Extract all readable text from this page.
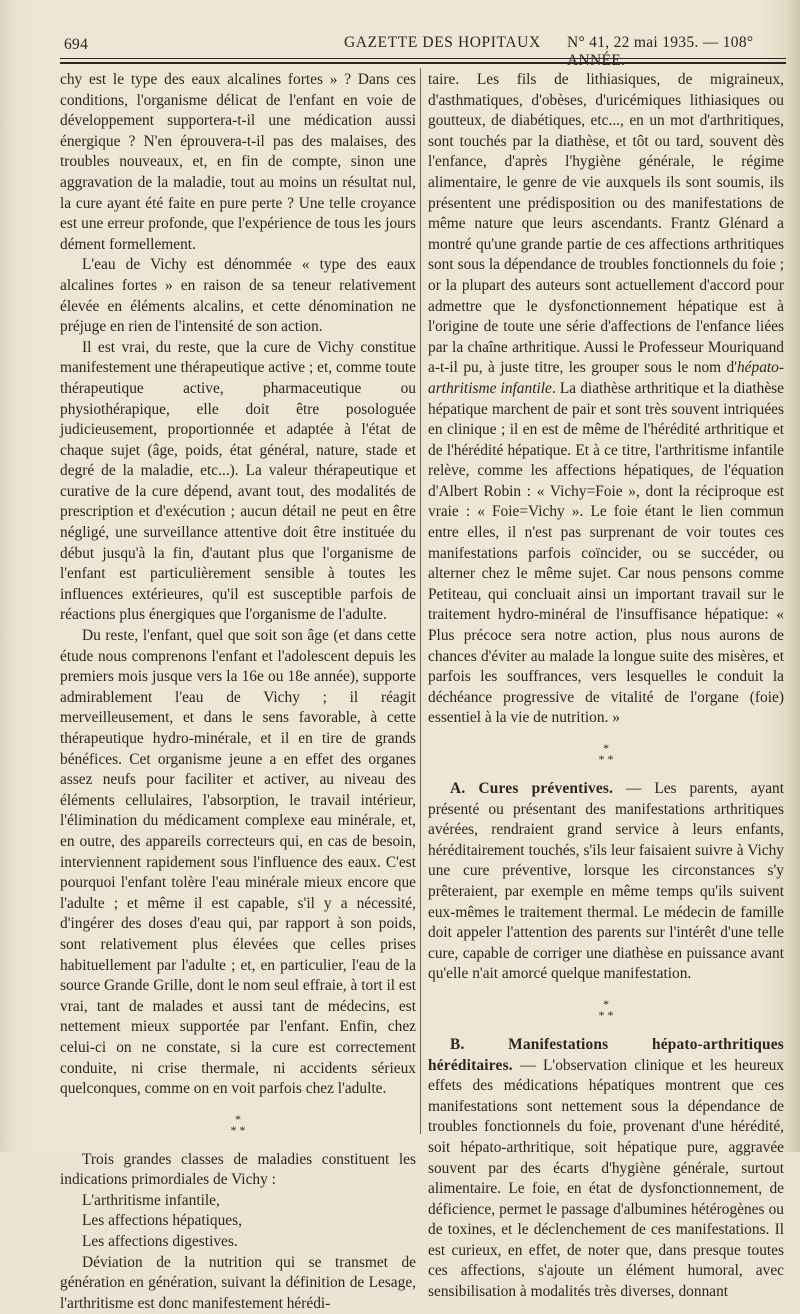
694	GAZETTE DES HOPITAUX N° 41, 22 mai 1935. — 108° ANNÉE.

chy est le type des eaux alcalines fortes » ? Dans ces conditions, l'organisme délicat de l'enfant en voie de développement supportera-t-il une médication aussi énergique ? N'en éprouvera-t-il pas des malaises, des troubles nouveaux, et, en fin de compte, sinon une aggravation de la maladie, tout au moins un résultat nul, la cure ayant été faite en pure perte ? Une telle croyance est une erreur profonde, que l'expérience de tous les jours dément formellement.

L'eau de Vichy est dénommée « type des eaux alcalines fortes » en raison de sa teneur relativement élevée en éléments alcalins, et cette dénomination ne préjuge en rien de l'intensité de son action.

Il est vrai, du reste, que la cure de Vichy constitue manifestement une thérapeutique active ; et, comme toute thérapeutique active, pharmaceutique ou physiothérapique, elle doit être posologuée judicieusement, proportionnée et adaptée à l'état de chaque sujet (âge, poids, état général, nature, stade et degré de la maladie, etc...). La valeur thérapeutique et curative de la cure dépend, avant tout, des modalités de prescription et d'exécution ; aucun détail ne peut en être négligé, une surveillance attentive doit être instituée du début jusqu'à la fin, d'autant plus que l'organisme de l'enfant est particulièrement sensible à toutes les influences extérieures, qu'il est susceptible parfois de réactions plus énergiques que l'organisme de l'adulte.

Du reste, l'enfant, quel que soit son âge (et dans cette étude nous comprenons l'enfant et l'adolescent depuis les premiers mois jusque vers la 16e ou 18e année), supporte admirablement l'eau de Vichy ; il réagit merveilleusement, et dans le sens favorable, à cette thérapeutique hydro-minérale, et il en tire de grands bénéfices. Cet organisme jeune a en effet des organes assez neufs pour faciliter et activer, au niveau des éléments cellulaires, l'absorption, le travail intérieur, l'élimination du médicament complexe eau minérale, et, en outre, des appareils correcteurs qui, en cas de besoin, interviennent rapidement sous l'influence des eaux. C'est pourquoi l'enfant tolère l'eau minérale mieux encore que l'adulte ; et même il est capable, s'il y a nécessité, d'ingérer des doses d'eau qui, par rapport à son poids, sont relativement plus élevées que celles prises habituellement par l'adulte ; et, en particulier, l'eau de la source Grande Grille, dont le nom seul effraie, à tort il est vrai, tant de malades et aussi tant de médecins, est nettement mieux supportée par l'enfant. Enfin, chez celui-ci on ne constate, si la cure est correctement conduite, ni crise thermale, ni accidents sérieux quelconques, comme on en voit parfois chez l'adulte.

*
* *

Trois grandes classes de maladies constituent les indications primordiales de Vichy :

L'arthritisme infantile,

Les affections hépatiques,

Les affections digestives.

Déviation de la nutrition qui se transmet de génération en génération, suivant la définition de Lesage, l'arthritisme est donc manifestement hérédi-

taire. Les fils de lithiasiques, de migraineux, d'asthmatiques, d'obèses, d'uricémiques lithiasiques ou goutteux, de diabétiques, etc..., en un mot d'arthritiques, sont touchés par la diathèse, et tôt ou tard, souvent dès l'enfance, d'après l'hygiène générale, le régime alimentaire, le genre de vie auxquels ils sont soumis, ils présentent une prédisposition ou des manifestations de même nature que leurs ascendants. Frantz Glénard a montré qu'une grande partie de ces affections arthritiques sont sous la dépendance de troubles fonctionnels du foie ; or la plupart des auteurs sont actuellement d'accord pour admettre que le dysfonctionnement hépatique est à l'origine de toute une série d'affections de l'enfance liées par la chaîne arthritique. Aussi le Professeur Mouriquand a-t-il pu, à juste titre, les grouper sous le nom d'hépato-arthritisme infantile. La diathèse arthritique et la diathèse hépatique marchent de pair et sont très souvent intriquées en clinique ; il en est de même de l'hérédité arthritique et de l'hérédité hépatique. Et à ce titre, l'arthritisme infantile relève, comme les affections hépatiques, de l'équation d'Albert Robin : « Vichy=Foie », dont la réciproque est vraie : « Foie=Vichy ». Le foie étant le lien commun entre elles, il n'est pas surprenant de voir toutes ces manifestations parfois coïncider, ou se succéder, ou alterner chez le même sujet. Car nous pensons comme Petiteau, qui concluait ainsi un important travail sur le traitement hydro-minéral de l'insuffisance hépatique: « Plus précoce sera notre action, plus nous aurons de chances d'éviter au malade la longue suite des misères, et parfois les souffrances, vers lesquelles le conduit la déchéance progressive de vitalité de l'organe (foie) essentiel à la vie de nutrition. »

*
* *

A. Cures préventives. — Les parents, ayant présenté ou présentant des manifestations arthritiques avérées, rendraient grand service à leurs enfants, héréditairement touchés, s'ils leur faisaient suivre à Vichy une cure préventive, lorsque les circonstances s'y prêteraient, par exemple en même temps qu'ils suivent eux-mêmes le traitement thermal. Le médecin de famille doit appeler l'attention des parents sur l'intérêt d'une telle cure, capable de corriger une diathèse en puissance avant qu'elle n'ait amorcé quelque manifestation.

*
* *

B. Manifestations hépato-arthritiques héréditaires. — L'observation clinique et les heureux effets des médications hépatiques montrent que ces manifestations sont nettement sous la dépendance de troubles fonctionnels du foie, provenant d'une hérédité, soit hépato-arthritique, soit hépatique pure, aggravée souvent par des écarts d'hygiène générale, surtout alimentaire. Le foie, en état de dysfonctionnement, de déficience, permet le passage d'albumines hétérogènes ou de toxines, et le déclenchement de ces manifestations. Il est curieux, en effet, de noter que, dans presque toutes ces affections, s'ajoute un élément humoral, avec sensibilisation à modalités très diverses, donnant
